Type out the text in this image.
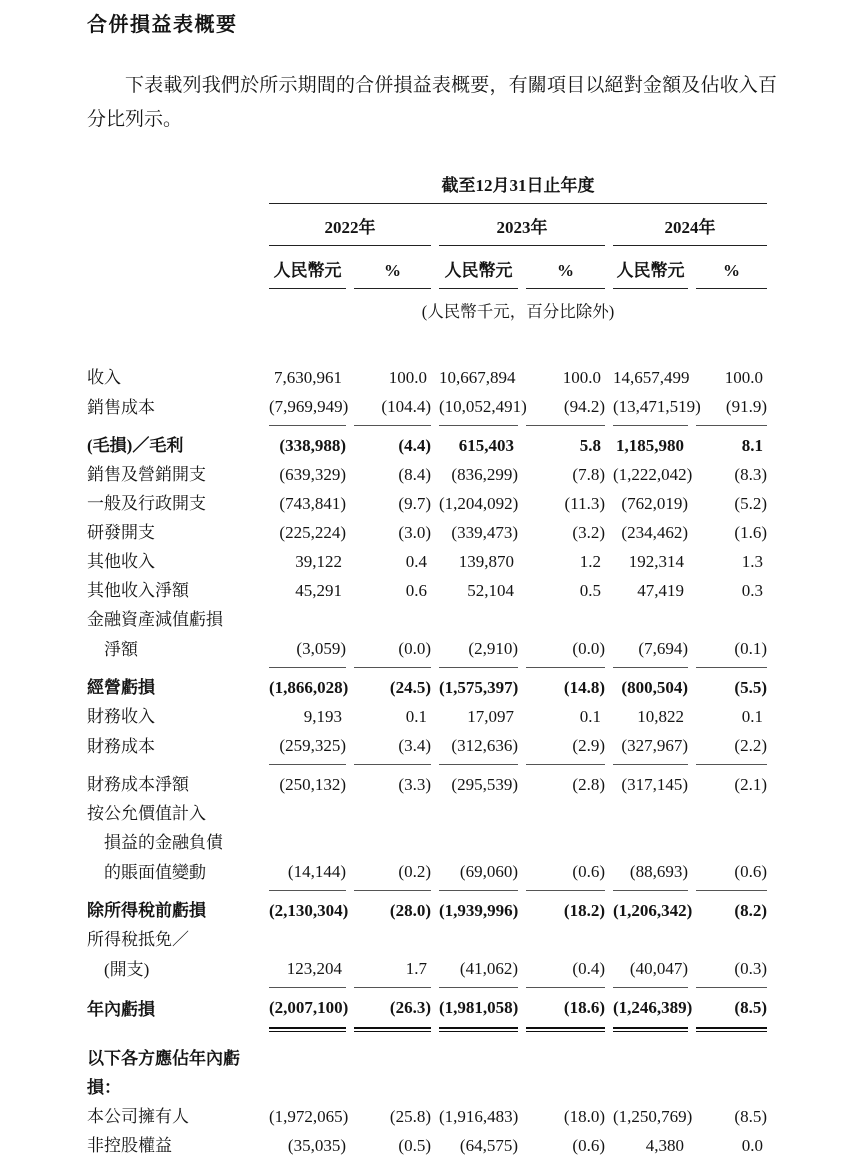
合併損益表概要

下表載列我們於所示期間的合併損益表概要，有關項目以絕對金額及佔收入百分比列示。

截至12月31日止年度
2022年	2023年	2024年
人民幣元	%	人民幣元	%	人民幣元	%
(人民幣千元，百分比除外)
收入	7,630,961	100.0 10,667,894	100.0 14,657,499	100.0
銷售成本	(7,969,949)	(104.4) (10,052,491)	(94.2) (13,471,519)	(91.9)
(毛損)／毛利	(338,988)	(4.4)	615,403	5.8 1,185,980	8.1
銷售及營銷開支	(639,329)	(8.4)	(836,299)	(7.8) (1,222,042)	(8.3)
一般及行政開支	(743,841)	(9.7) (1,204,092)	(11.3) (762,019)	(5.2)
研發開支	(225,224)	(3.0)	(339,473)	(3.2) (234,462)	(1.6)
其他收入	39,122	0.4	139,870	1.2	192,314	1.3
其他收入淨額	45,291	0.6	52,104	0.5	47,419	0.3
金融資產減值虧損
淨額	(3,059)	(0.0)	(2,910)	(0.0)	(7,694)	(0.1)
經營虧損	(1,866,028)	(24.5) (1,575,397)	(14.8) (800,504)	(5.5)
財務收入	9,193	0.1	17,097	0.1	10,822	0.1
財務成本	(259,325)	(3.4)	(312,636)	(2.9) (327,967)	(2.2)
財務成本淨額	(250,132)	(3.3)	(295,539)	(2.8) (317,145)	(2.1)
按公允價值計入
損益的金融負債
的賬面值變動	(14,144)	(0.2)	(69,060)	(0.6)	(88,693)	(0.6)
除所得稅前虧損	(2,130,304)	(28.0) (1,939,996)	(18.2) (1,206,342)	(8.2)
所得稅抵免／
(開支)	123,204	1.7	(41,062)	(0.4)	(40,047)	(0.3)
年內虧損	(2,007,100)	(26.3) (1,981,058)	(18.6) (1,246,389)	(8.5)
以下各方應佔年內虧損：
本公司擁有人	(1,972,065)	(25.8) (1,916,483)	(18.0) (1,250,769)	(8.5)
非控股權益	(35,035)	(0.5)	(64,575)	(0.6)	4,380	0.0
